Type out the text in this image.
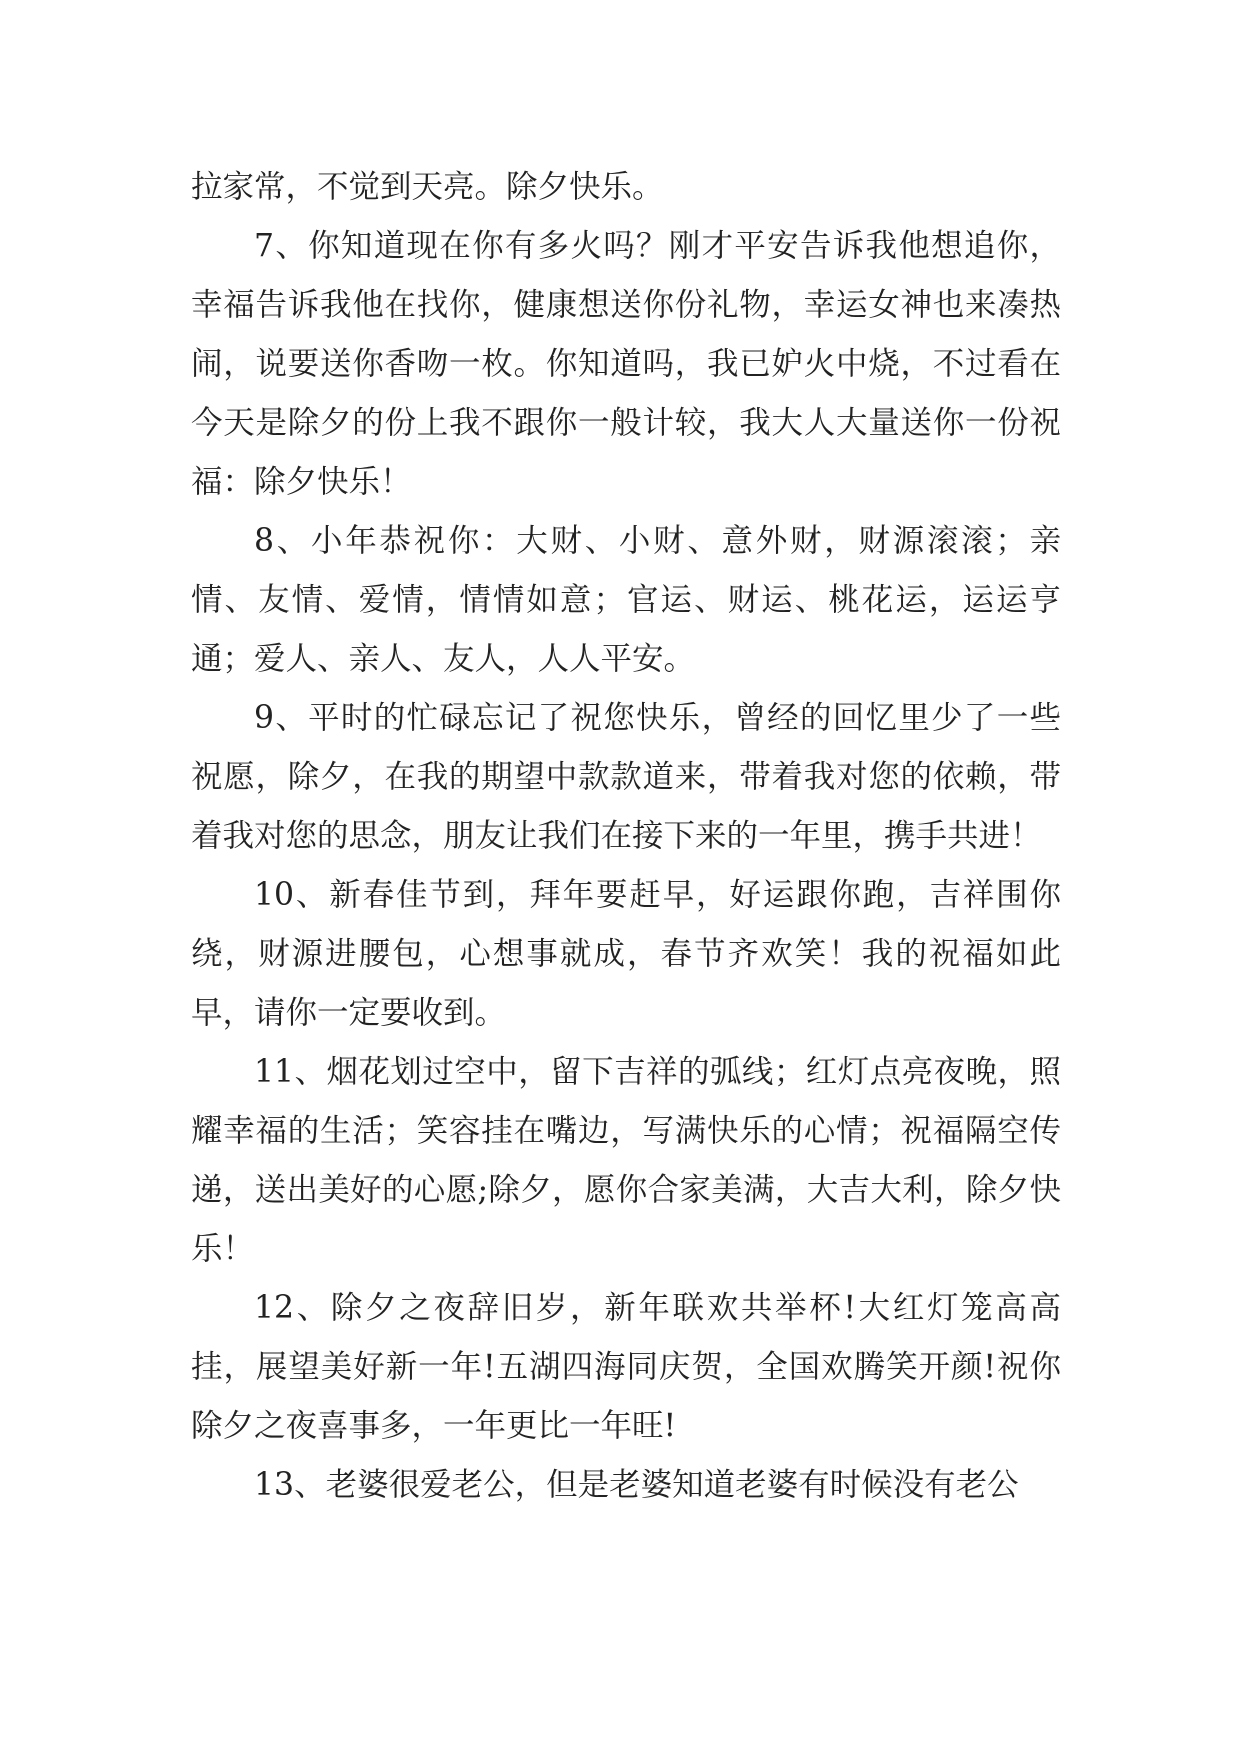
拉家常，不觉到天亮。除夕快乐。

7、你知道现在你有多火吗？刚才平安告诉我他想追你，幸福告诉我他在找你，健康想送你份礼物，幸运女神也来凑热闹，说要送你香吻一枚。你知道吗，我已妒火中烧，不过看在今天是除夕的份上我不跟你一般计较，我大人大量送你一份祝福：除夕快乐！

8、小年恭祝你：大财、小财、意外财，财源滚滚；亲情、友情、爱情，情情如意；官运、财运、桃花运，运运亨通；爱人、亲人、友人，人人平安。

9、平时的忙碌忘记了祝您快乐，曾经的回忆里少了一些祝愿，除夕，在我的期望中款款道来，带着我对您的依赖，带着我对您的思念，朋友让我们在接下来的一年里，携手共进！

10、新春佳节到，拜年要赶早，好运跟你跑，吉祥围你绕，财源进腰包，心想事就成，春节齐欢笑！我的祝福如此早，请你一定要收到。

11、烟花划过空中，留下吉祥的弧线；红灯点亮夜晚，照耀幸福的生活；笑容挂在嘴边，写满快乐的心情；祝福隔空传递，送出美好的心愿;除夕，愿你合家美满，大吉大利，除夕快乐！

12、除夕之夜辞旧岁，新年联欢共举杯!大红灯笼高高挂，展望美好新一年!五湖四海同庆贺，全国欢腾笑开颜!祝你除夕之夜喜事多，一年更比一年旺!

13、老婆很爱老公，但是老婆知道老婆有时候没有老公
